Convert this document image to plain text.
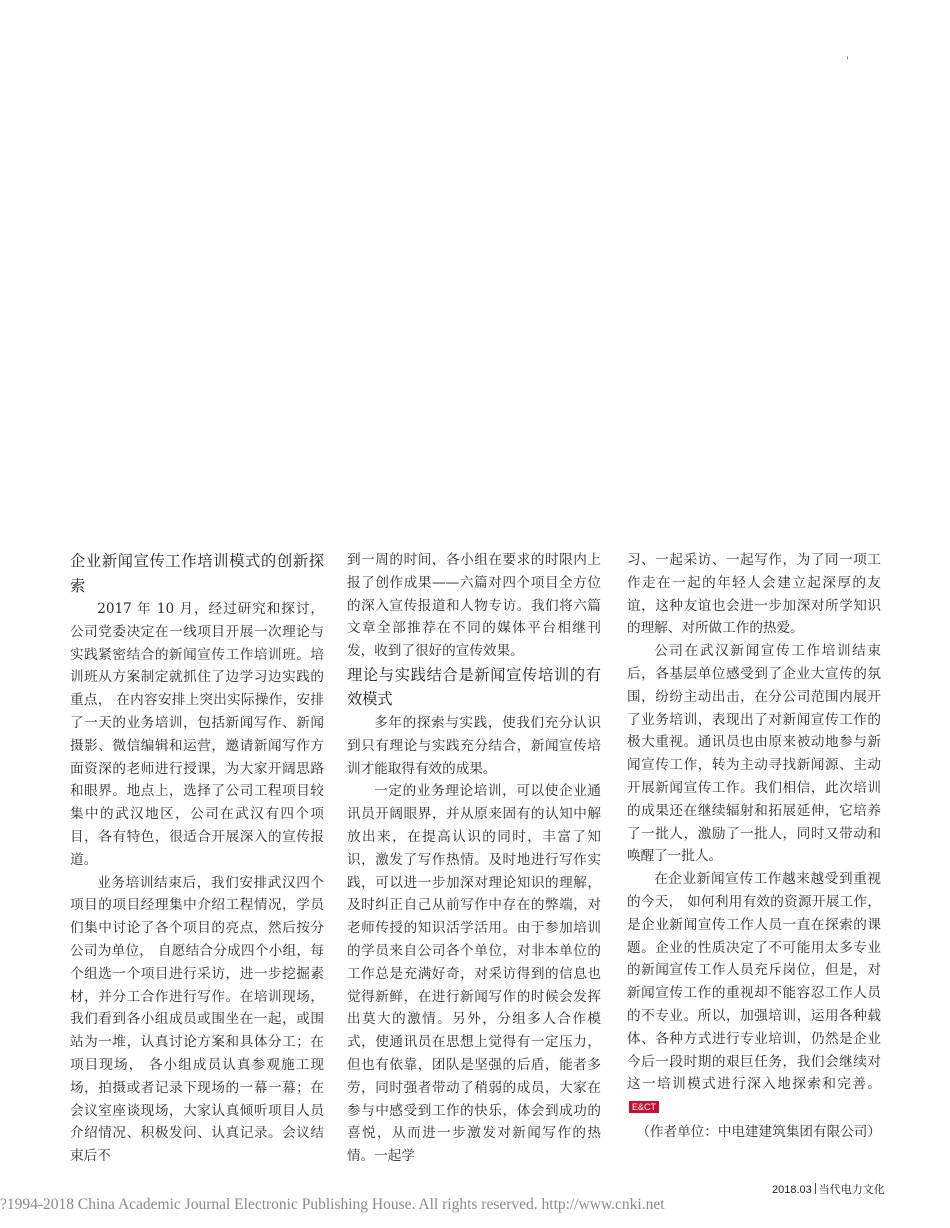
'
企业新闻宣传工作培训模式的创新探索

2017 年 10 月，经过研究和探讨，公司党委决定在一线项目开展一次理论与实践紧密结合的新闻宣传工作培训班。培训班从方案制定就抓住了边学习边实践的重点， 在内容安排上突出实际操作，安排了一天的业务培训，包括新闻写作、新闻摄影、微信编辑和运营，邀请新闻写作方面资深的老师进行授课，为大家开阔思路和眼界。地点上，选择了公司工程项目较集中的武汉地区，公司在武汉有四个项目，各有特色，很适合开展深入的宣传报道。

业务培训结束后，我们安排武汉四个项目的项目经理集中介绍工程情况，学员们集中讨论了各个项目的亮点，然后按分公司为单位， 自愿结合分成四个小组，每个组选一个项目进行采访，进一步挖掘素材，并分工合作进行写作。在培训现场，我们看到各小组成员或围坐在一起，或围站为一堆，认真讨论方案和具体分工；在项目现场， 各小组成员认真参观施工现场，拍摄或者记录下现场的一幕一幕；在会议室座谈现场，大家认真倾听项目人员介绍情况、积极发问、认真记录。会议结束后不

到一周的时间，各小组在要求的时限内上报了创作成果——六篇对四个项目全方位的深入宣传报道和人物专访。我们将六篇文章全部推荐在不同的媒体平台相继刊发，收到了很好的宣传效果。

理论与实践结合是新闻宣传培训的有效模式

多年的探索与实践，使我们充分认识到只有理论与实践充分结合，新闻宣传培训才能取得有效的成果。

一定的业务理论培训，可以使企业通讯员开阔眼界，并从原来固有的认知中解放出来，在提高认识的同时，丰富了知识，激发了写作热情。及时地进行写作实践，可以进一步加深对理论知识的理解，及时纠正自己从前写作中存在的弊端，对老师传授的知识活学活用。由于参加培训的学员来自公司各个单位，对非本单位的工作总是充满好奇，对采访得到的信息也觉得新鲜，在进行新闻写作的时候会发挥出莫大的激情。另外，分组多人合作模式，使通讯员在思想上觉得有一定压力，但也有依靠，团队是坚强的后盾，能者多劳，同时强者带动了稍弱的成员，大家在参与中感受到工作的快乐，体会到成功的喜悦，从而进一步激发对新闻写作的热情。一起学

习、一起采访、一起写作，为了同一项工作走在一起的年轻人会建立起深厚的友谊，这种友谊也会进一步加深对所学知识的理解、对所做工作的热爱。

公司在武汉新闻宣传工作培训结束后，各基层单位感受到了企业大宣传的氛围，纷纷主动出击，在分公司范围内展开了业务培训，表现出了对新闻宣传工作的极大重视。通讯员也由原来被动地参与新闻宣传工作，转为主动寻找新闻源、主动开展新闻宣传工作。我们相信，此次培训的成果还在继续辐射和拓展延伸，它培养了一批人，激励了一批人，同时又带动和唤醒了一批人。

在企业新闻宣传工作越来越受到重视的今天， 如何利用有效的资源开展工作，是企业新闻宣传工作人员一直在探索的课题。企业的性质决定了不可能用太多专业的新闻宣传工作人员充斥岗位，但是，对新闻宣传工作的重视却不能容忍工作人员的不专业。所以，加强培训，运用各种载体、各种方式进行专业培训，仍然是企业今后一段时期的艰巨任务，我们会继续对这一培训模式进行深入地探索和完善。E&CT

（作者单位：中电建建筑集团有限公司）

2018.03 当代电力文化
?1994-2018 China Academic Journal Electronic Publishing House. All rights reserved. http://www.cnki.net
